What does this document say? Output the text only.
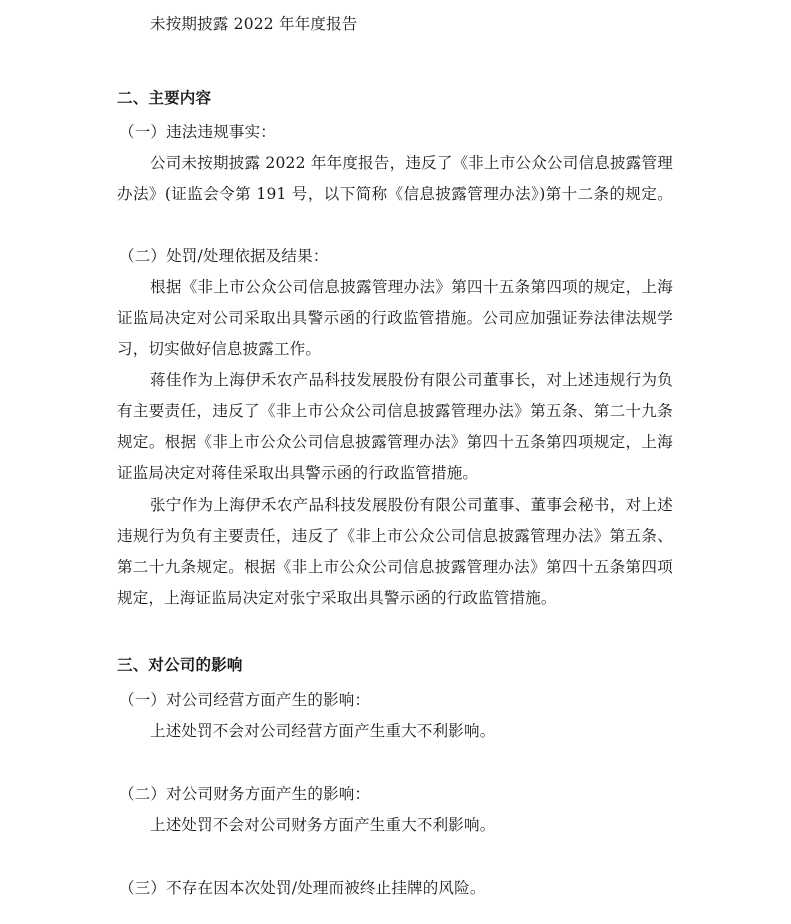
未按期披露 2022 年年度报告
二、主要内容
（一）违法违规事实：
公司未按期披露 2022 年年度报告，违反了《非上市公众公司信息披露管理
办法》(证监会令第 191 号，以下简称《信息披露管理办法》)第十二条的规定。
（二）处罚/处理依据及结果：
根据《非上市公众公司信息披露管理办法》第四十五条第四项的规定，上海
证监局决定对公司采取出具警示函的行政监管措施。公司应加强证券法律法规学
习，切实做好信息披露工作。
蒋佳作为上海伊禾农产品科技发展股份有限公司董事长，对上述违规行为负
有主要责任，违反了《非上市公众公司信息披露管理办法》第五条、第二十九条
规定。根据《非上市公众公司信息披露管理办法》第四十五条第四项规定，上海
证监局决定对蒋佳采取出具警示函的行政监管措施。
张宁作为上海伊禾农产品科技发展股份有限公司董事、董事会秘书，对上述
违规行为负有主要责任，违反了《非上市公众公司信息披露管理办法》第五条、
第二十九条规定。根据《非上市公众公司信息披露管理办法》第四十五条第四项
规定，上海证监局决定对张宁采取出具警示函的行政监管措施。
三、对公司的影响
（一）对公司经营方面产生的影响：
上述处罚不会对公司经营方面产生重大不利影响。
（二）对公司财务方面产生的影响：
上述处罚不会对公司财务方面产生重大不利影响。
（三）不存在因本次处罚/处理而被终止挂牌的风险。
